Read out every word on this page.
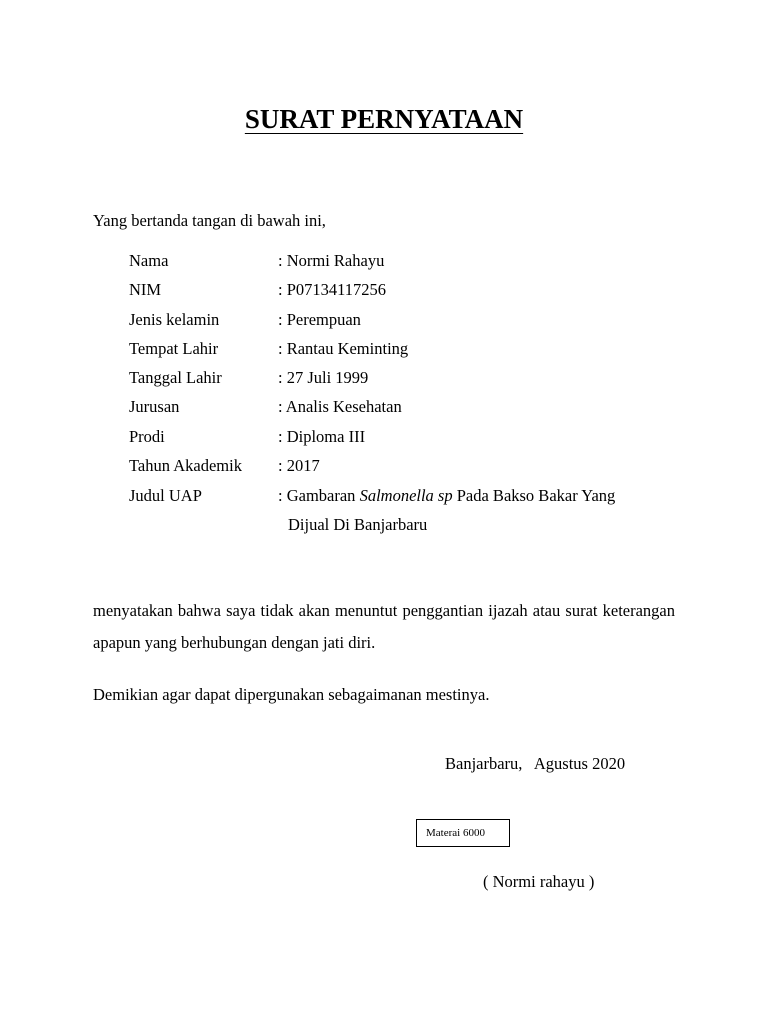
SURAT PERNYATAAN
Yang bertanda tangan di bawah ini,
Nama	: Normi Rahayu
NIM	: P07134117256
Jenis kelamin	: Perempuan
Tempat Lahir	: Rantau Keminting
Tanggal Lahir	: 27 Juli 1999
Jurusan	: Analis Kesehatan
Prodi	: Diploma III
Tahun Akademik : 2017
Judul UAP	: Gambaran Salmonella sp Pada Bakso Bakar Yang
Dijual Di Banjarbaru
menyatakan bahwa saya tidak akan menuntut penggantian ijazah atau surat keterangan apapun yang berhubungan dengan jati diri.
Demikian agar dapat dipergunakan sebagaimanan mestinya.
Banjarbaru,   Agustus 2020
Materai 6000
( Normi rahayu )
